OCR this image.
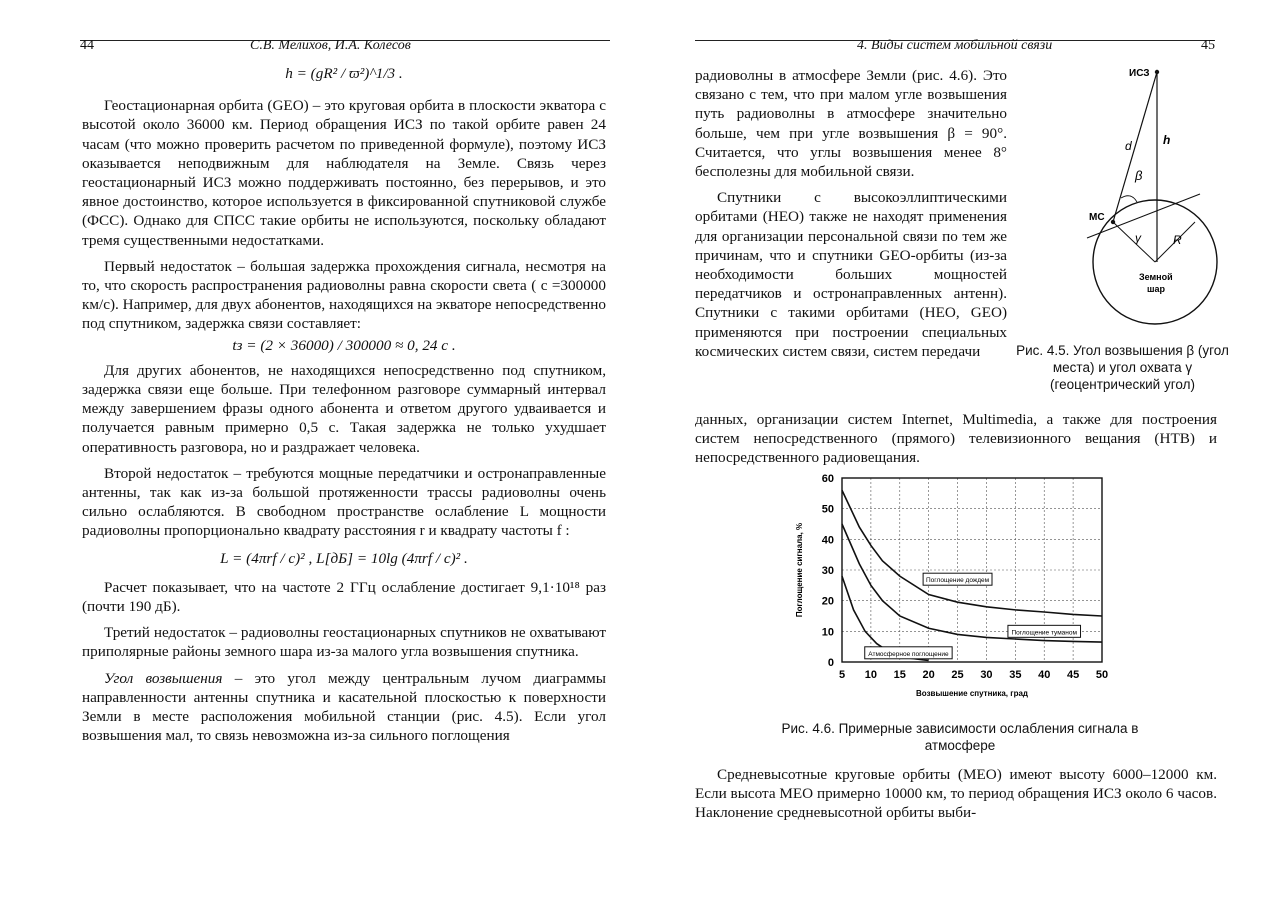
44	С.В. Мелихов, И.А. Колесов

h = (gR² / ϖ²)^1/3 .

Геостационарная орбита (GEO) – это круговая орбита в плоскости экватора с высотой около 36000 км. Период обращения ИСЗ по такой орбите равен 24 часам (что можно проверить расчетом по приведенной формуле), поэтому ИСЗ оказывается неподвижным для наблюдателя на Земле. Связь через геостационарный ИСЗ можно поддерживать постоянно, без перерывов, и это явное достоинство, которое используется в фиксированной спутниковой службе (ФСС). Однако для СПСС такие орбиты не используются, поскольку обладают тремя существенными недостатками.

Первый недостаток – большая задержка прохождения сигнала, несмотря на то, что скорость распространения радиоволны равна скорости света ( c =300000 км/с). Например, для двух абонентов, находящихся на экваторе непосредственно под спутником, задержка связи составляет:

tз = (2 × 36000) / 300000 ≈ 0, 24 с .

Для других абонентов, не находящихся непосредственно под спутником, задержка связи еще больше. При телефонном разговоре суммарный интервал между завершением фразы одного абонента и ответом другого удваивается и получается равным примерно 0,5 с. Такая задержка не только ухудшает оперативность разговора, но и раздражает человека.

Второй недостаток – требуются мощные передатчики и остронаправленные антенны, так как из-за большой протяженности трассы радиоволны очень сильно ослабляются. В свободном пространстве ослабление L мощности радиоволны пропорционально квадрату расстояния r и квадрату частоты f :

L = (4πrf / c)² , L[дБ] = 10lg (4πrf / c)² .

Расчет показывает, что на частоте 2 ГГц ослабление достигает 9,1·10¹⁸ раз (почти 190 дБ).

Третий недостаток – радиоволны геостационарных спутников не охватывают приполярные районы земного шара из-за малого угла возвышения спутника.

Угол возвышения – это угол между центральным лучом диаграммы направленности антенны спутника и касательной плоскостью к поверхности Земли в месте расположения мобильной станции (рис. 4.5). Если угол возвышения мал, то связь невозможна из-за сильного поглощения

4. Виды систем мобильной связи	45

радиоволны в атмосфере Земли (рис. 4.6). Это связано с тем, что при малом угле возвышения путь радиоволны в атмосфере значительно больше, чем при угле возвышения β = 90°. Считается, что углы возвышения менее 8° бесполезны для мобильной связи.

Спутники с высокоэллиптическими орбитами (HEO) также не находят применения для организации персональной связи по тем же причинам, что и спутники GEO-орбиты (из-за необходимости больших мощностей передатчиков и остронаправленных антенн). Спутники с такими орбитами (HEO, GEO) применяются при построении специальных космических систем связи, систем передачи

ИСЗ
d	h
β
МС
γ	R
Земной
шар
Рис. 4.5. Угол возвышения β (угол места) и угол охвата γ (геоцентрический угол)

данных, организации систем Internet, Multimedia, а также для построения систем непосредственного (прямого) телевизионного вещания (НТВ) и непосредственного радиовещания.

5 10 15 20 25 30 35 40 45 50
0
10
20
30
40
50
60
Поглощение дождем
Поглощение туманом
Атмосферное поглощение
Возвышение спутника, град
Поглощение сигнала, %
Рис. 4.6. Примерные зависимости ослабления сигнала в атмосфере

Средневысотные круговые орбиты (MEO) имеют высоту 6000–12000 км. Если высота MEO примерно 10000 км, то период обращения ИСЗ около 6 часов. Наклонение средневысотной орбиты выби-
